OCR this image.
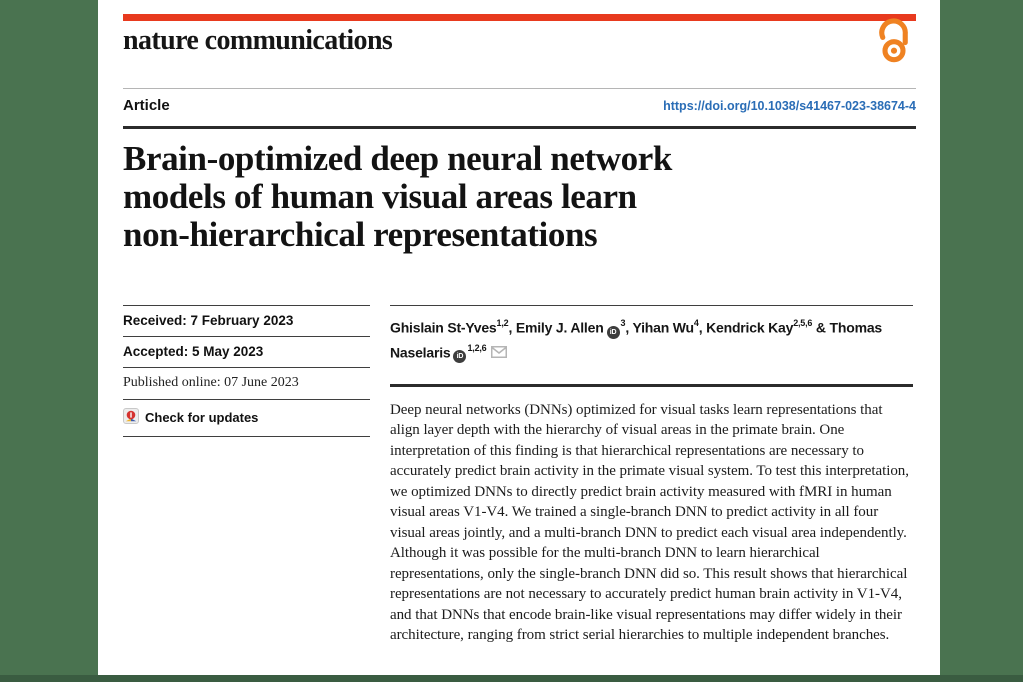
nature communications
Article	https://doi.org/10.1038/s41467-023-38674-4
Brain-optimized deep neural network
models of human visual areas learn
non-hierarchical representations
Received: 7 February 2023
Accepted: 5 May 2023
Published online: 07 June 2023
Check for updates

Ghislain St-Yves$^{1,2}$, Emily J. Allen $iD^3$, Yihan Wu$^4$, Kendrick Kay$^{2,5,6}$ & Thomas Naselaris iD$^{1,2,6}$

Deep neural networks (DNNs) optimized for visual tasks learn representations that align layer depth with the hierarchy of visual areas in the primate brain. One interpretation of this finding is that hierarchical representations are necessary to accurately predict brain activity in the primate visual system. To test this interpretation, we optimized DNNs to directly predict brain activity measured with fMRI in human visual areas V1-V4. We trained a single-branch DNN to predict activity in all four visual areas jointly, and a multi-branch DNN to predict each visual area independently. Although it was possible for the multi-branch DNN to learn hierarchical representations, only the single-branch DNN did so. This result shows that hierarchical representations are not necessary to accurately predict human brain activity in V1-V4, and that DNNs that encode brain-like visual representations may differ widely in their architecture, ranging from strict serial hierarchies to multiple independent branches.
